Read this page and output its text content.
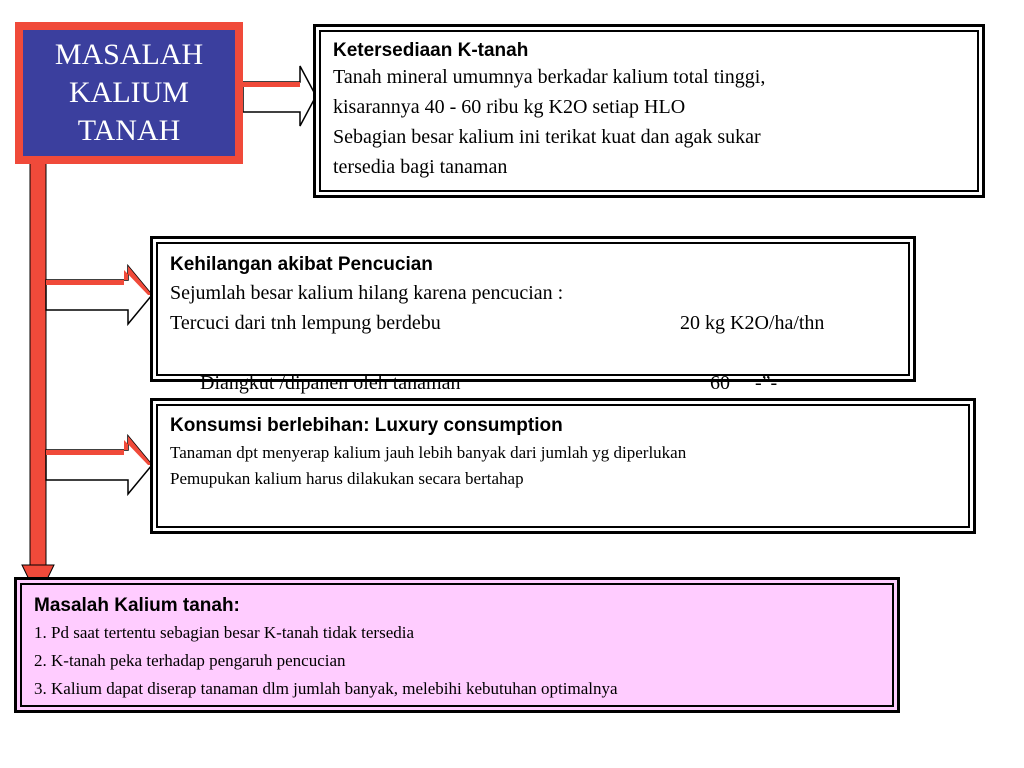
MASALAH
KALIUM
TANAH
Ketersediaan K-tanah
Tanah mineral umumnya berkadar kalium total tinggi,
kisarannya 40 - 60 ribu kg K2O setiap HLO
Sebagian besar kalium ini terikat kuat dan agak sukar
tersedia bagi tanaman
Kehilangan akibat Pencucian
Sejumlah besar kalium hilang karena pencucian :
Tercuci dari tnh lempung berdebu	20 kg K2O/ha/thn

Diangkut /dipanen oleh tanaman	60     -”-

Konsumsi berlebihan: Luxury consumption
Tanaman dpt menyerap kalium jauh lebih banyak dari jumlah yg diperlukan
Pemupukan kalium harus dilakukan secara bertahap
Masalah Kalium tanah:
1. Pd saat tertentu sebagian besar K-tanah tidak tersedia
2. K-tanah peka terhadap pengaruh pencucian
3. Kalium dapat diserap tanaman dlm jumlah banyak, melebihi kebutuhan optimalnya
